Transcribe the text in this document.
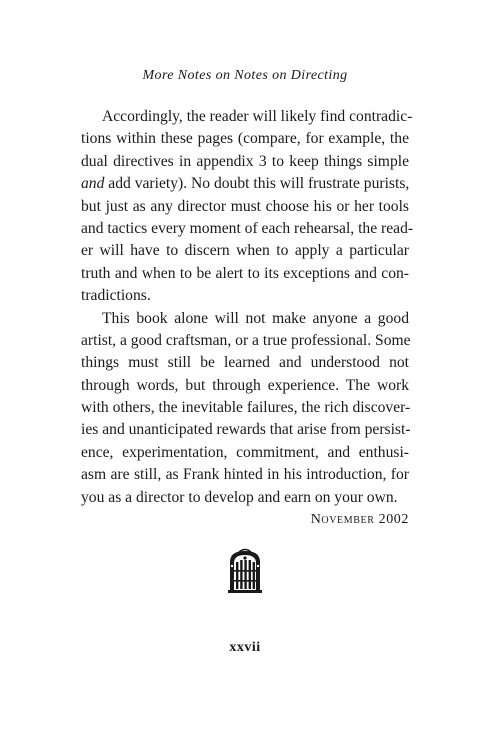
More Notes on Notes on Directing
Accordingly, the reader will likely find contradic-
tions within these pages (compare, for example, the
dual directives in appendix 3 to keep things simple
and add variety). No doubt this will frustrate purists,
but just as any director must choose his or her tools
and tactics every moment of each rehearsal, the read-
er will have to discern when to apply a particular
truth and when to be alert to its exceptions and con-
tradictions.
This book alone will not make anyone a good
artist, a good craftsman, or a true professional. Some
things must still be learned and understood not
through words, but through experience. The work
with others, the inevitable failures, the rich discover-
ies and unanticipated rewards that arise from persist-
ence, experimentation, commitment, and enthusi-
asm are still, as Frank hinted in his introduction, for
you as a director to develop and earn on your own.
November 2002
xxvii
